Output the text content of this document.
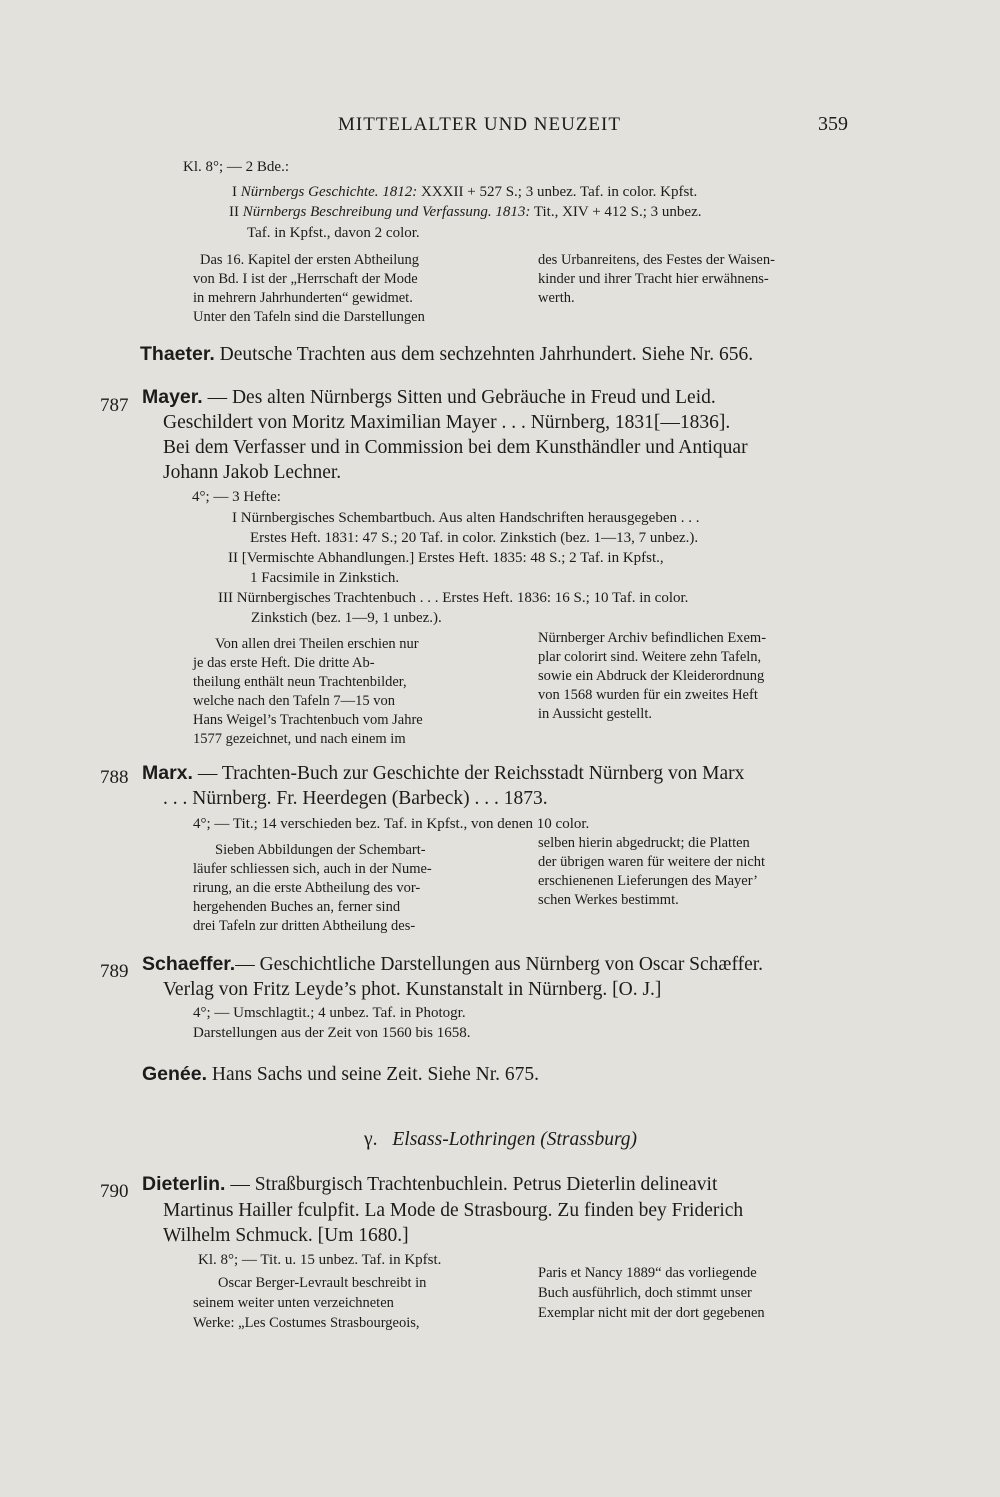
MITTELALTER UND NEUZEIT	359
Kl. 8°; — 2 Bde.:
I Nürnbergs Geschichte. 1812: XXXII + 527 S.; 3 unbez. Taf. in color. Kpfst.
II Nürnbergs Beschreibung und Verfassung. 1813: Tit., XIV + 412 S.; 3 unbez.
Taf. in Kpfst., davon 2 color.
Das 16. Kapitel der ersten Abtheilung
von Bd. I ist der „Herrschaft der Mode
in mehrern Jahrhunderten“ gewidmet.
Unter den Tafeln sind die Darstellungen
des Urbanreitens, des Festes der Waisen-
kinder und ihrer Tracht hier erwähnens-
werth.
Thaeter. Deutsche Trachten aus dem sechzehnten Jahrhundert. Siehe Nr. 656.
787 Mayer. — Des alten Nürnbergs Sitten und Gebräuche in Freud und Leid.
Geschildert von Moritz Maximilian Mayer . . . Nürnberg, 1831[—1836].
Bei dem Verfasser und in Commission bei dem Kunsthändler und Antiquar
Johann Jakob Lechner.
4°; — 3 Hefte:
I Nürnbergisches Schembartbuch. Aus alten Handschriften herausgegeben . . .
Erstes Heft. 1831: 47 S.; 20 Taf. in color. Zinkstich (bez. 1—13, 7 unbez.).
II [Vermischte Abhandlungen.] Erstes Heft. 1835: 48 S.; 2 Taf. in Kpfst.,
1 Facsimile in Zinkstich.
III Nürnbergisches Trachtenbuch . . . Erstes Heft. 1836: 16 S.; 10 Taf. in color.
Zinkstich (bez. 1—9, 1 unbez.).
Von allen drei Theilen erschien nur
je das erste Heft. Die dritte Ab-
theilung enthält neun Trachtenbilder,
welche nach den Tafeln 7—15 von
Hans Weigel’s Trachtenbuch vom Jahre
1577 gezeichnet, und nach einem im
Nürnberger Archiv befindlichen Exem-
plar colorirt sind. Weitere zehn Tafeln,
sowie ein Abdruck der Kleiderordnung
von 1568 wurden für ein zweites Heft
in Aussicht gestellt.
788 Marx. — Trachten-Buch zur Geschichte der Reichsstadt Nürnberg von Marx
. . . Nürnberg. Fr. Heerdegen (Barbeck) . . . 1873.
4°; — Tit.; 14 verschieden bez. Taf. in Kpfst., von denen 10 color.
Sieben Abbildungen der Schembart-
läufer schliessen sich, auch in der Nume-
rirung, an die erste Abtheilung des vor-
hergehenden Buches an, ferner sind
drei Tafeln zur dritten Abtheilung des-
selben hierin abgedruckt; die Platten
der übrigen waren für weitere der nicht
erschienenen Lieferungen des Mayer’
schen Werkes bestimmt.
789 Schaeffer.— Geschichtliche Darstellungen aus Nürnberg von Oscar Schæffer.
Verlag von Fritz Leyde’s phot. Kunstanstalt in Nürnberg. [O. J.]
4°; — Umschlagtit.; 4 unbez. Taf. in Photogr.
Darstellungen aus der Zeit von 1560 bis 1658.
Genée. Hans Sachs und seine Zeit. Siehe Nr. 675.
γ. Elsass-Lothringen (Strassburg)
790 Dieterlin. — Straßburgisch Trachtenbuchlein. Petrus Dieterlin delineavit
Martinus Hailler fculpfit. La Mode de Strasbourg. Zu finden bey Friderich
Wilhelm Schmuck. [Um 1680.]
Kl. 8°; — Tit. u. 15 unbez. Taf. in Kpfst.
Oscar Berger-Levrault beschreibt in
seinem weiter unten verzeichneten
Werke: „Les Costumes Strasbourgeois,
Paris et Nancy 1889“ das vorliegende
Buch ausführlich, doch stimmt unser
Exemplar nicht mit der dort gegebenen
